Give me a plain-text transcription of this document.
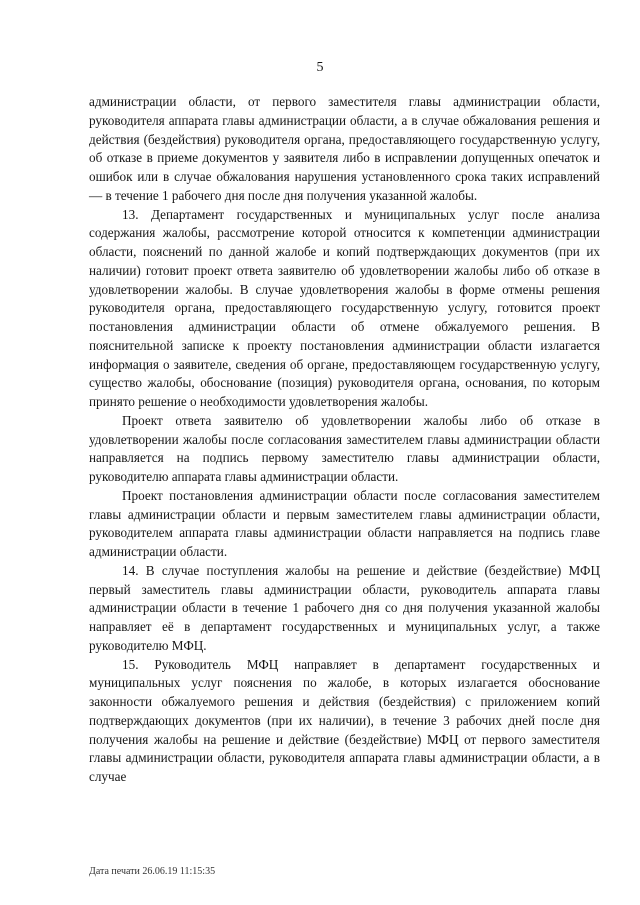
5

администрации области, от первого заместителя главы администрации области, руководителя аппарата главы администрации области, а в случае обжалования решения и действия (бездействия) руководителя органа, предоставляющего государственную услугу, об отказе в приеме документов у заявителя либо в исправлении допущенных опечаток и ошибок или в случае обжалования нарушения установленного срока таких исправлений — в течение 1 рабочего дня после дня получения указанной жалобы.

13. Департамент государственных и муниципальных услуг после анализа содержания жалобы, рассмотрение которой относится к компетенции администрации области, пояснений по данной жалобе и копий подтверждающих документов (при их наличии) готовит проект ответа заявителю об удовлетворении жалобы либо об отказе в удовлетворении жалобы. В случае удовлетворения жалобы в форме отмены решения руководителя органа, предоставляющего государственную услугу, готовится проект постановления администрации области об отмене обжалуемого решения. В пояснительной записке к проекту постановления администрации области излагается информация о заявителе, сведения об органе, предоставляющем государственную услугу, существо жалобы, обоснование (позиция) руководителя органа, основания, по которым принято решение о необходимости удовлетворения жалобы.

Проект ответа заявителю об удовлетворении жалобы либо об отказе в удовлетворении жалобы после согласования заместителем главы администрации области направляется на подпись первому заместителю главы администрации области, руководителю аппарата главы администрации области.

Проект постановления администрации области после согласования заместителем главы администрации области и первым заместителем главы администрации области, руководителем аппарата главы администрации области направляется на подпись главе администрации области.

14. В случае поступления жалобы на решение и действие (бездействие) МФЦ первый заместитель главы администрации области, руководитель аппарата главы администрации области в течение 1 рабочего дня со дня получения указанной жалобы направляет её в департамент государственных и муниципальных услуг, а также руководителю МФЦ.

15. Руководитель МФЦ направляет в департамент государственных и муниципальных услуг пояснения по жалобе, в которых излагается обоснование законности обжалуемого решения и действия (бездействия) с приложением копий подтверждающих документов (при их наличии), в течение 3 рабочих дней после дня получения жалобы на решение и действие (бездействие) МФЦ от первого заместителя главы администрации области, руководителя аппарата главы администрации области, а в случае

Дата печати 26.06.19 11:15:35
